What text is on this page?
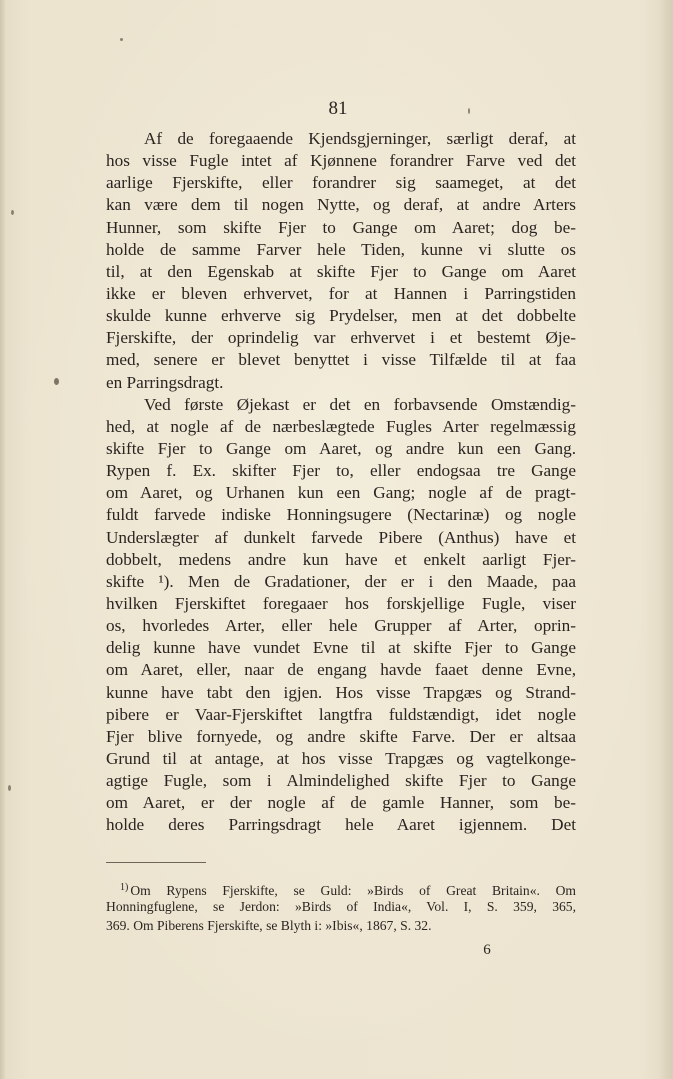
81
Af de foregaaende Kjendsgjerninger, særligt deraf, at
hos visse Fugle intet af Kjønnene forandrer Farve ved det
aarlige Fjerskifte, eller forandrer sig saameget, at det
kan være dem til nogen Nytte, og deraf, at andre Arters
Hunner, som skifte Fjer to Gange om Aaret; dog be-
holde de samme Farver hele Tiden, kunne vi slutte os
til, at den Egenskab at skifte Fjer to Gange om Aaret
ikke er bleven erhvervet, for at Hannen i Parringstiden
skulde kunne erhverve sig Prydelser, men at det dobbelte
Fjerskifte, der oprindelig var erhvervet i et bestemt Øje-
med, senere er blevet benyttet i visse Tilfælde til at faa
en Parringsdragt.
Ved første Øjekast er det en forbavsende Omstændig-
hed, at nogle af de nærbeslægtede Fugles Arter regelmæssig
skifte Fjer to Gange om Aaret, og andre kun een Gang.
Rypen f. Ex. skifter Fjer to, eller endogsaa tre Gange
om Aaret, og Urhanen kun een Gang; nogle af de pragt-
fuldt farvede indiske Honningsugere (Nectarinæ) og nogle
Underslægter af dunkelt farvede Pibere (Anthus) have et
dobbelt, medens andre kun have et enkelt aarligt Fjer-
skifte ¹). Men de Gradationer, der er i den Maade, paa
hvilken Fjerskiftet foregaaer hos forskjellige Fugle, viser
os, hvorledes Arter, eller hele Grupper af Arter, oprin-
delig kunne have vundet Evne til at skifte Fjer to Gange
om Aaret, eller, naar de engang havde faaet denne Evne,
kunne have tabt den igjen. Hos visse Trapgæs og Strand-
pibere er Vaar-Fjerskiftet langtfra fuldstændigt, idet nogle
Fjer blive fornyede, og andre skifte Farve. Der er altsaa
Grund til at antage, at hos visse Trapgæs og vagtelkonge-
agtige Fugle, som i Almindelighed skifte Fjer to Gange
om Aaret, er der nogle af de gamle Hanner, som be-
holde deres Parringsdragt hele Aaret igjennem. Det
$^{1)}$ Om Rypens Fjerskifte, se Guld: »Birds of Great Britain«. Om
Honningfuglene, se Jerdon: »Birds of India«, Vol. I, S. 359, 365,
369. Om Piberens Fjerskifte, se Blyth i: »Ibis«, 1867, S. 32.
6
